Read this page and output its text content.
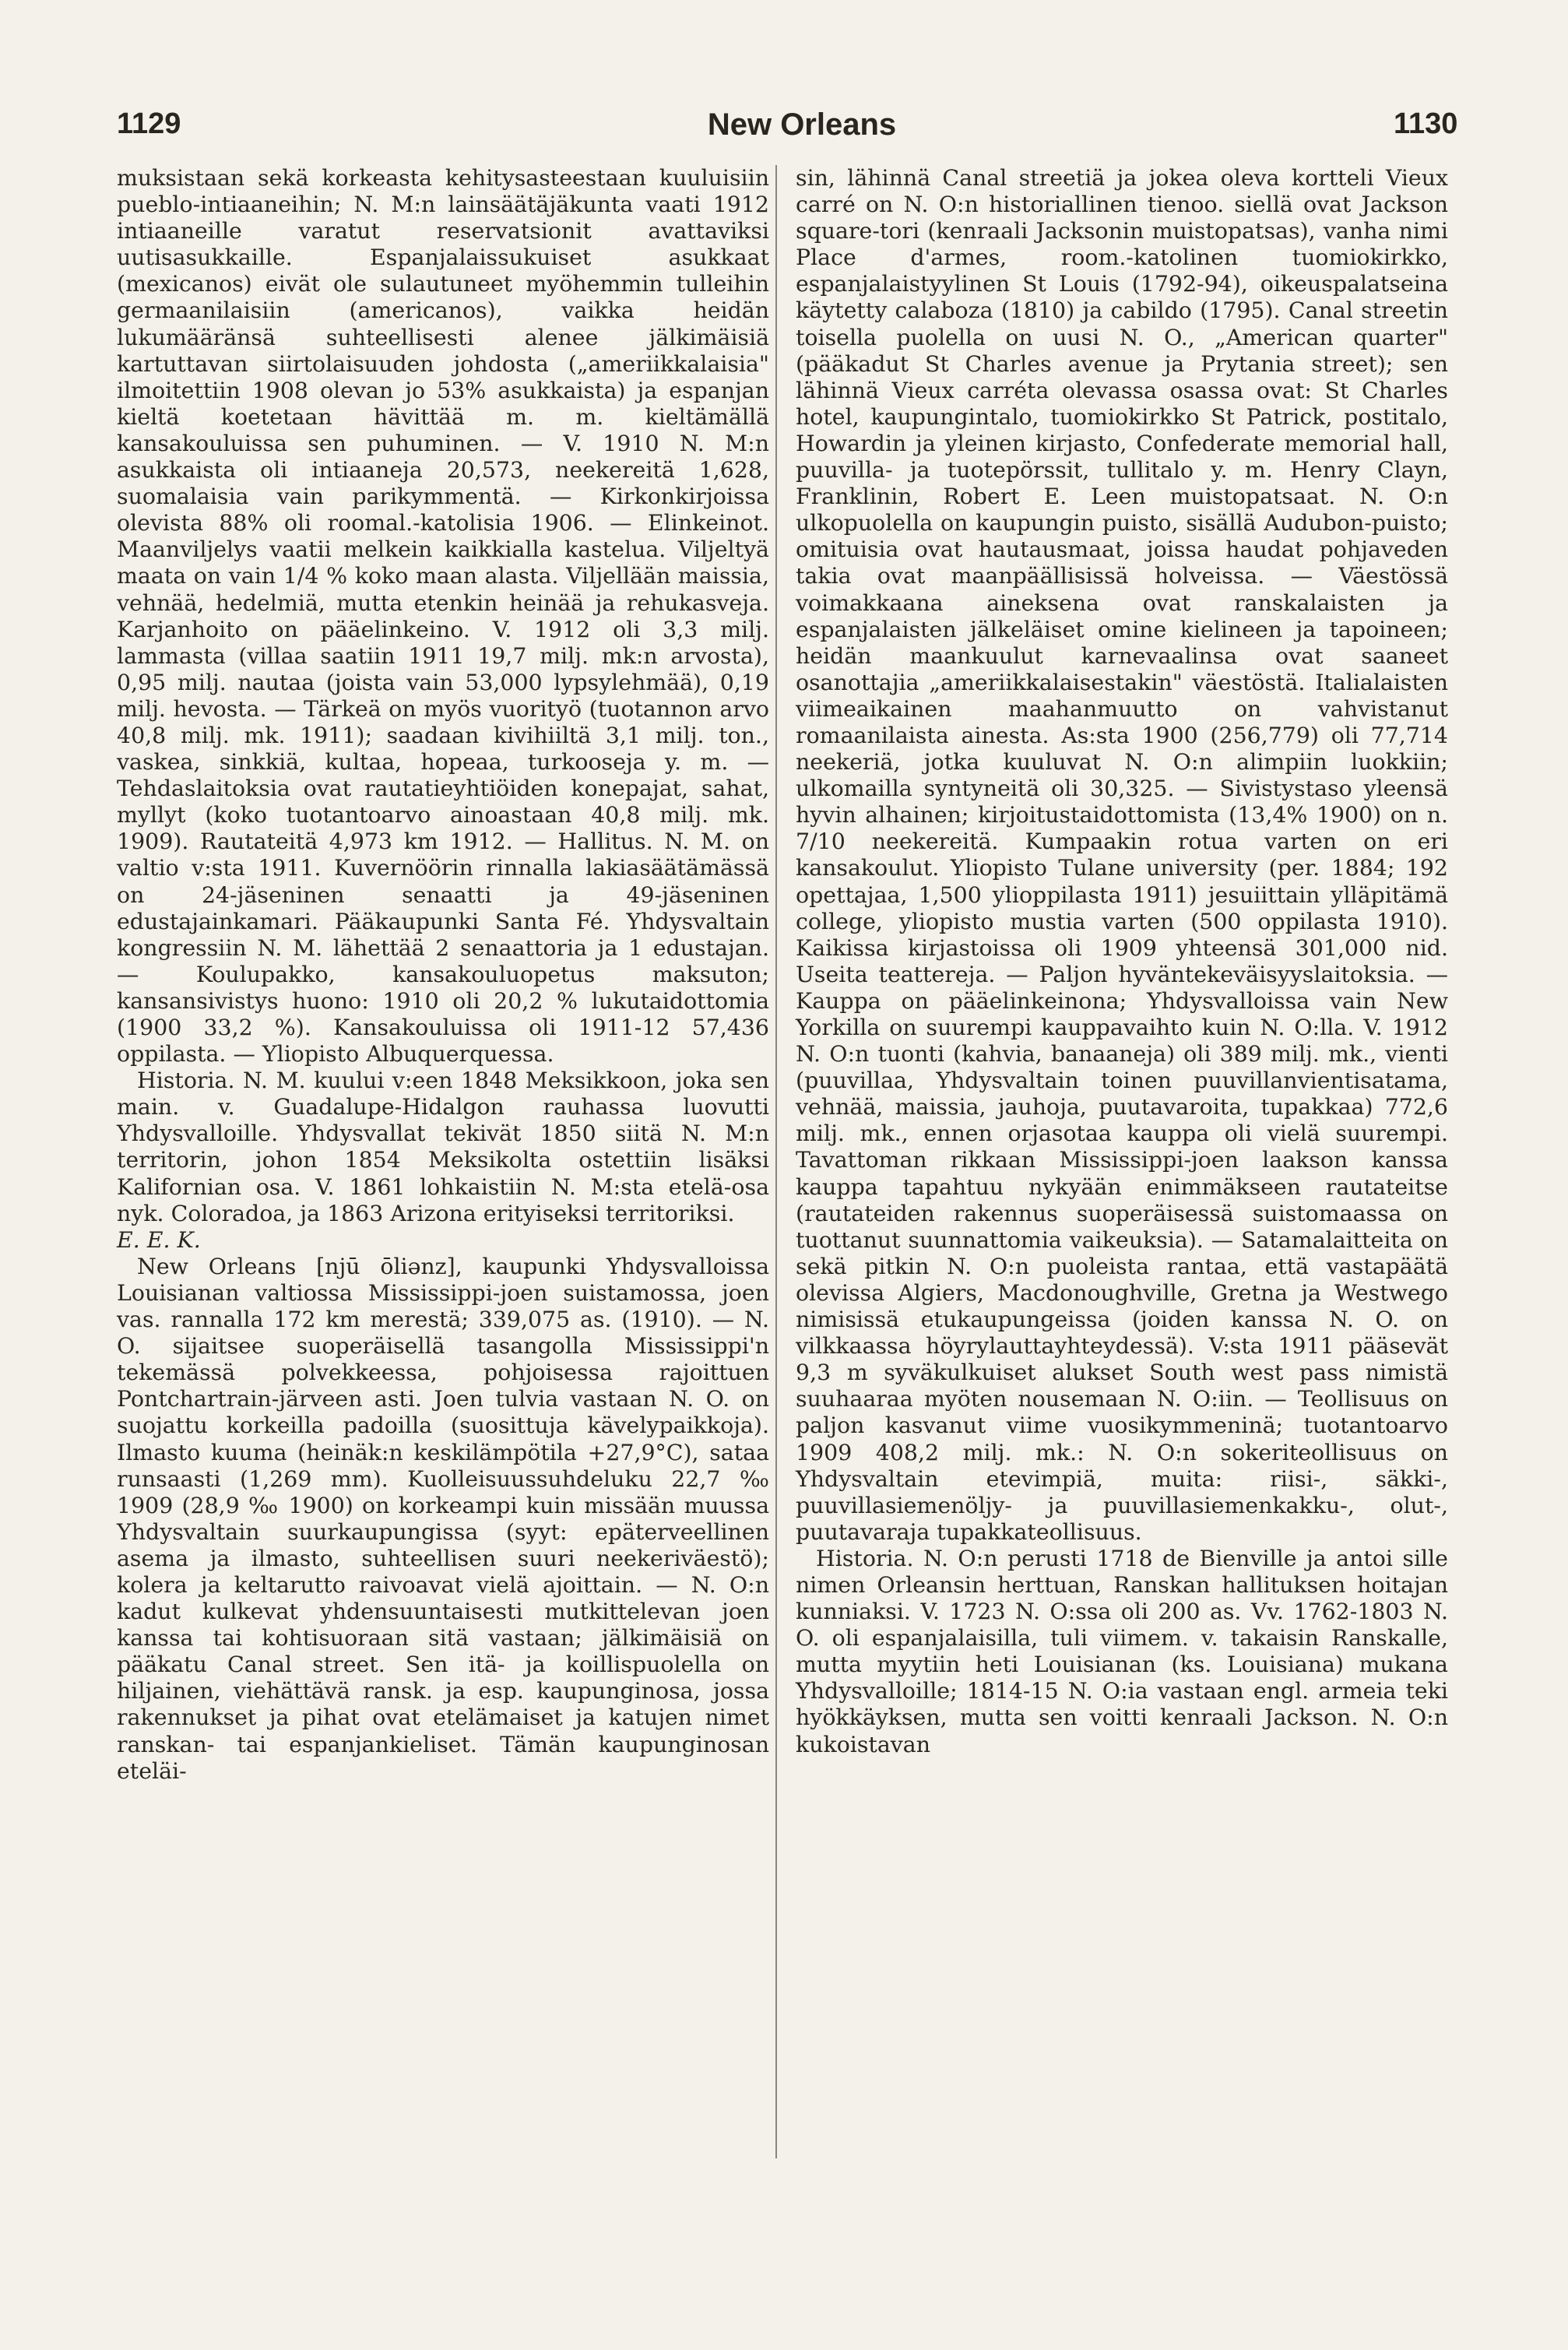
1129	New Orleans	1130

muksistaan sekä korkeasta kehitysasteestaan kuuluisiin pueblo-intiaaneihin; N. M:n lainsäätäjäkunta vaati 1912 intiaaneille varatut reservatsionit avattaviksi uutisasukkaille. Espanjalaissukuiset asukkaat (mexicanos) eivät ole sulautuneet myöhemmin tulleihin germaanilaisiin (americanos), vaikka heidän lukumääränsä suhteellisesti alenee jälkimäisiä kartuttavan siirtolaisuuden johdosta („ameriikkalaisia" ilmoitettiin 1908 olevan jo 53% asukkaista) ja espanjan kieltä koetetaan hävittää m. m. kieltämällä kansakouluissa sen puhuminen. — V. 1910 N. M:n asukkaista oli intiaaneja 20,573, neekereitä 1,628, suomalaisia vain parikymmentä. — Kirkonkirjoissa olevista 88% oli roomal.-katolisia 1906. — Elinkeinot. Maanviljelys vaatii melkein kaikkialla kastelua. Viljeltyä maata on vain 1/4 % koko maan alasta. Viljellään maissia, vehnää, hedelmiä, mutta etenkin heinää ja rehukasveja. Karjanhoito on pääelinkeino. V. 1912 oli 3,3 milj. lammasta (villaa saatiin 1911 19,7 milj. mk:n arvosta), 0,95 milj. nautaa (joista vain 53,000 lypsylehmää), 0,19 milj. hevosta. — Tärkeä on myös vuorityö (tuotannon arvo 40,8 milj. mk. 1911); saadaan kivihiiltä 3,1 milj. ton., vaskea, sinkkiä, kultaa, hopeaa, turkooseja y. m. — Tehdaslaitoksia ovat rautatieyhtiöiden konepajat, sahat, myllyt (koko tuotantoarvo ainoastaan 40,8 milj. mk. 1909). Rautateitä 4,973 km 1912. — Hallitus. N. M. on valtio v:sta 1911. Kuvernöörin rinnalla lakiasäätämässä on 24-jäseninen senaatti ja 49-jäseninen edustajainkamari. Pääkaupunki Santa Fé. Yhdysvaltain kongressiin N. M. lähettää 2 senaattoria ja 1 edustajan. — Koulupakko, kansakouluopetus maksuton; kansansivistys huono: 1910 oli 20,2 % lukutaidottomia (1900 33,2 %). Kansakouluissa oli 1911-12 57,436 oppilasta. — Yliopisto Albuquerquessa.

Historia. N. M. kuului v:een 1848 Meksikkoon, joka sen main. v. Guadalupe-Hidalgon rauhassa luovutti Yhdysvalloille. Yhdysvallat tekivät 1850 siitä N. M:n territorin, johon 1854 Meksikolta ostettiin lisäksi Kalifornian osa. V. 1861 lohkaistiin N. M:sta etelä-osa nyk. Coloradoa, ja 1863 Arizona erityiseksi territoriksi.

E. E. K.

New Orleans [njū ōliənz], kaupunki Yhdysvalloissa Louisianan valtiossa Mississippi-joen suistamossa, joen vas. rannalla 172 km merestä; 339,075 as. (1910). — N. O. sijaitsee suoperäisellä tasangolla Mississippi'n tekemässä polvekkeessa, pohjoisessa rajoittuen Pontchartrain-järveen asti. Joen tulvia vastaan N. O. on suojattu korkeilla padoilla (suosittuja kävelypaikkoja). Ilmasto kuuma (heinäk:n keskilämpötila +27,9°C), sataa runsaasti (1,269 mm). Kuolleisuussuhdeluku 22,7 ‰ 1909 (28,9 ‰ 1900) on korkeampi kuin missään muussa Yhdysvaltain suurkaupungissa (syyt: epäterveellinen asema ja ilmasto, suhteellisen suuri neekeriväestö); kolera ja keltarutto raivoavat vielä ajoittain. — N. O:n kadut kulkevat yhdensuuntaisesti mutkittelevan joen kanssa tai kohtisuoraan sitä vastaan; jälkimäisiä on pääkatu Canal street. Sen itä- ja koillispuolella on hiljainen, viehättävä ransk. ja esp. kaupunginosa, jossa rakennukset ja pihat ovat etelämaiset ja katujen nimet ranskan- tai espanjankieliset. Tämän kaupunginosan eteläi-

sin, lähinnä Canal streetiä ja jokea oleva kortteli Vieux carré on N. O:n historiallinen tienoo. siellä ovat Jackson square-tori (kenraali Jacksonin muistopatsas), vanha nimi Place d'armes, room.-katolinen tuomiokirkko, espanjalaistyylinen St Louis (1792-94), oikeuspalatseina käytetty calaboza (1810) ja cabildo (1795). Canal streetin toisella puolella on uusi N. O., „American quarter" (pääkadut St Charles avenue ja Prytania street); sen lähinnä Vieux carréta olevassa osassa ovat: St Charles hotel, kaupungintalo, tuomiokirkko St Patrick, postitalo, Howardin ja yleinen kirjasto, Confederate memorial hall, puuvilla- ja tuotepörssit, tullitalo y. m. Henry Clayn, Franklinin, Robert E. Leen muistopatsaat. N. O:n ulkopuolella on kaupungin puisto, sisällä Audubon-puisto; omituisia ovat hautausmaat, joissa haudat pohjaveden takia ovat maanpäällisissä holveissa. — Väestössä voimakkaana aineksena ovat ranskalaisten ja espanjalaisten jälkeläiset omine kielineen ja tapoineen; heidän maankuulut karnevaalinsa ovat saaneet osanottajia „ameriikkalaisestakin" väestöstä. Italialaisten viimeaikainen maahanmuutto on vahvistanut romaanilaista ainesta. As:sta 1900 (256,779) oli 77,714 neekeriä, jotka kuuluvat N. O:n alimpiin luokkiin; ulkomailla syntyneitä oli 30,325. — Sivistystaso yleensä hyvin alhainen; kirjoitustaidottomista (13,4% 1900) on n. 7/10 neekereitä. Kumpaakin rotua varten on eri kansakoulut. Yliopisto Tulane university (per. 1884; 192 opettajaa, 1,500 ylioppilasta 1911) jesuiittain ylläpitämä college, yliopisto mustia varten (500 oppilasta 1910). Kaikissa kirjastoissa oli 1909 yhteensä 301,000 nid. Useita teattereja. — Paljon hyväntekeväisyyslaitoksia. — Kauppa on pääelinkeinona; Yhdysvalloissa vain New Yorkilla on suurempi kauppavaihto kuin N. O:lla. V. 1912 N. O:n tuonti (kahvia, banaaneja) oli 389 milj. mk., vienti (puuvillaa, Yhdysvaltain toinen puuvillanvientisatama, vehnää, maissia, jauhoja, puutavaroita, tupakkaa) 772,6 milj. mk., ennen orjasotaa kauppa oli vielä suurempi. Tavattoman rikkaan Mississippi-joen laakson kanssa kauppa tapahtuu nykyään enimmäkseen rautateitse (rautateiden rakennus suoperäisessä suistomaassa on tuottanut suunnattomia vaikeuksia). — Satamalaitteita on sekä pitkin N. O:n puoleista rantaa, että vastapäätä olevissa Algiers, Macdonoughville, Gretna ja Westwego nimisissä etukaupungeissa (joiden kanssa N. O. on vilkkaassa höyrylauttayhteydessä). V:sta 1911 pääsevät 9,3 m syväkulkuiset alukset South west pass nimistä suuhaaraa myöten nousemaan N. O:iin. — Teollisuus on paljon kasvanut viime vuosikymmeninä; tuotantoarvo 1909 408,2 milj. mk.: N. O:n sokeriteollisuus on Yhdysvaltain etevimpiä, muita: riisi-, säkki-, puuvillasiemenöljy- ja puuvillasiemenkakku-, olut-, puutavaraja tupakkateollisuus.

Historia. N. O:n perusti 1718 de Bienville ja antoi sille nimen Orleansin herttuan, Ranskan hallituksen hoitajan kunniaksi. V. 1723 N. O:ssa oli 200 as. Vv. 1762-1803 N. O. oli espanjalaisilla, tuli viimem. v. takaisin Ranskalle, mutta myytiin heti Louisianan (ks. Louisiana) mukana Yhdysvalloille; 1814-15 N. O:ia vastaan engl. armeia teki hyökkäyksen, mutta sen voitti kenraali Jackson. N. O:n kukoistavan
